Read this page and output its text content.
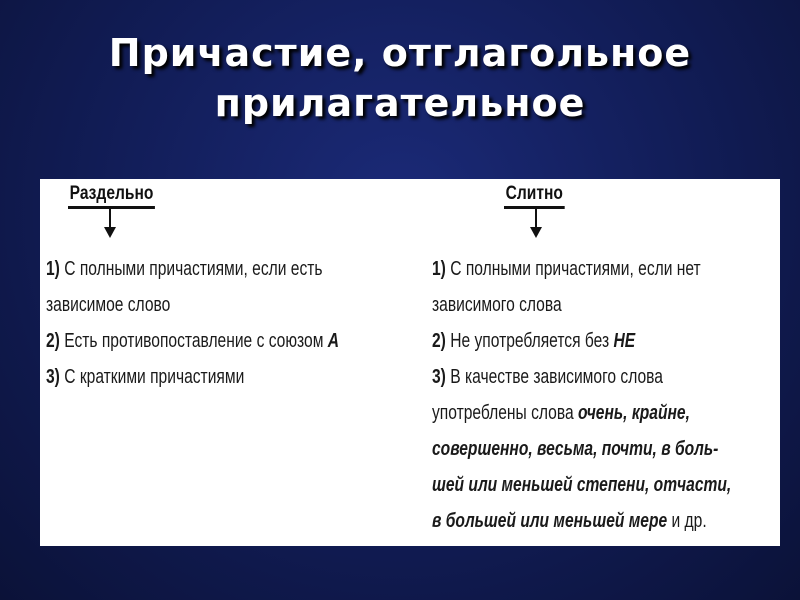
Причастие, отглагольное
прилагательное
Раздельно
1) С полными причастиями, если есть
зависимое слово
2) Есть противопоставление с союзом А
3) С краткими причастиями
Слитно
1) С полными причастиями, если нет
зависимого слова
2) Не употребляется без НЕ
3) В качестве зависимого слова
употреблены слова очень, крайне,
совершенно, весьма, почти, в боль-
шей или меньшей степени, отчасти,
в большей или меньшей мере и др.
